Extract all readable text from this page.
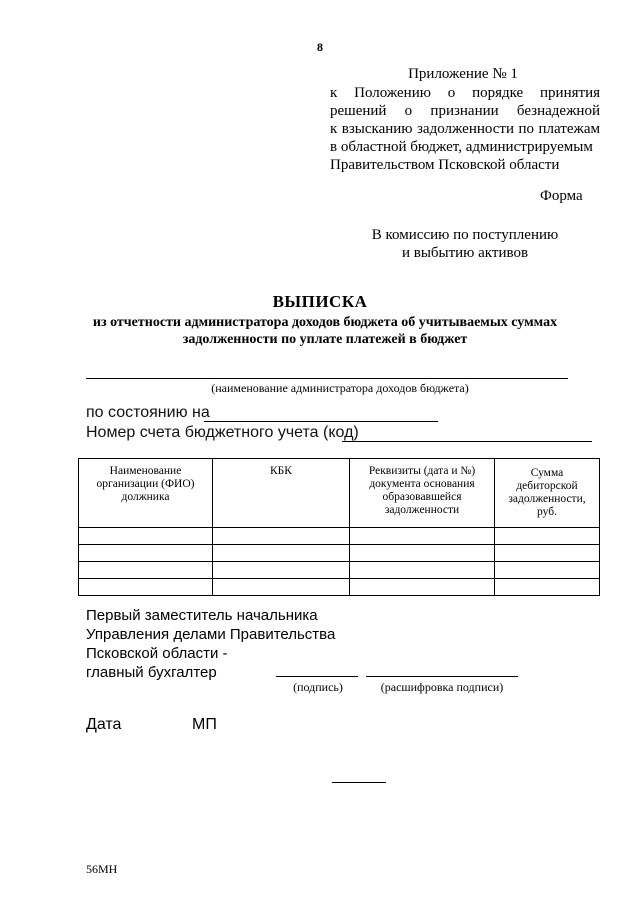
8
Приложение № 1
к Положению о порядке принятия
решений о признании безнадежной
к взысканию задолженности по платежам
в областной бюджет, администрируемым
Правительством Псковской области
Форма
В комиссию по поступлению
и выбытию активов
ВЫПИСКА
из отчетности администратора доходов бюджета об учитываемых суммах
задолженности по уплате платежей в бюджет
(наименование администратора доходов бюджета)
по состоянию на
Номер счета бюджетного учета (код)
Наименование организации (ФИО) должника	КБК	Реквизиты (дата и №) документа основания образовавшейся задолженности	Сумма дебиторской задолженности, руб.

Первый заместитель начальника
Управления делами Правительства
Псковской области -
главный бухгалтер
(подпись)	(расшифровка подписи)
Дата	МП
56МН
